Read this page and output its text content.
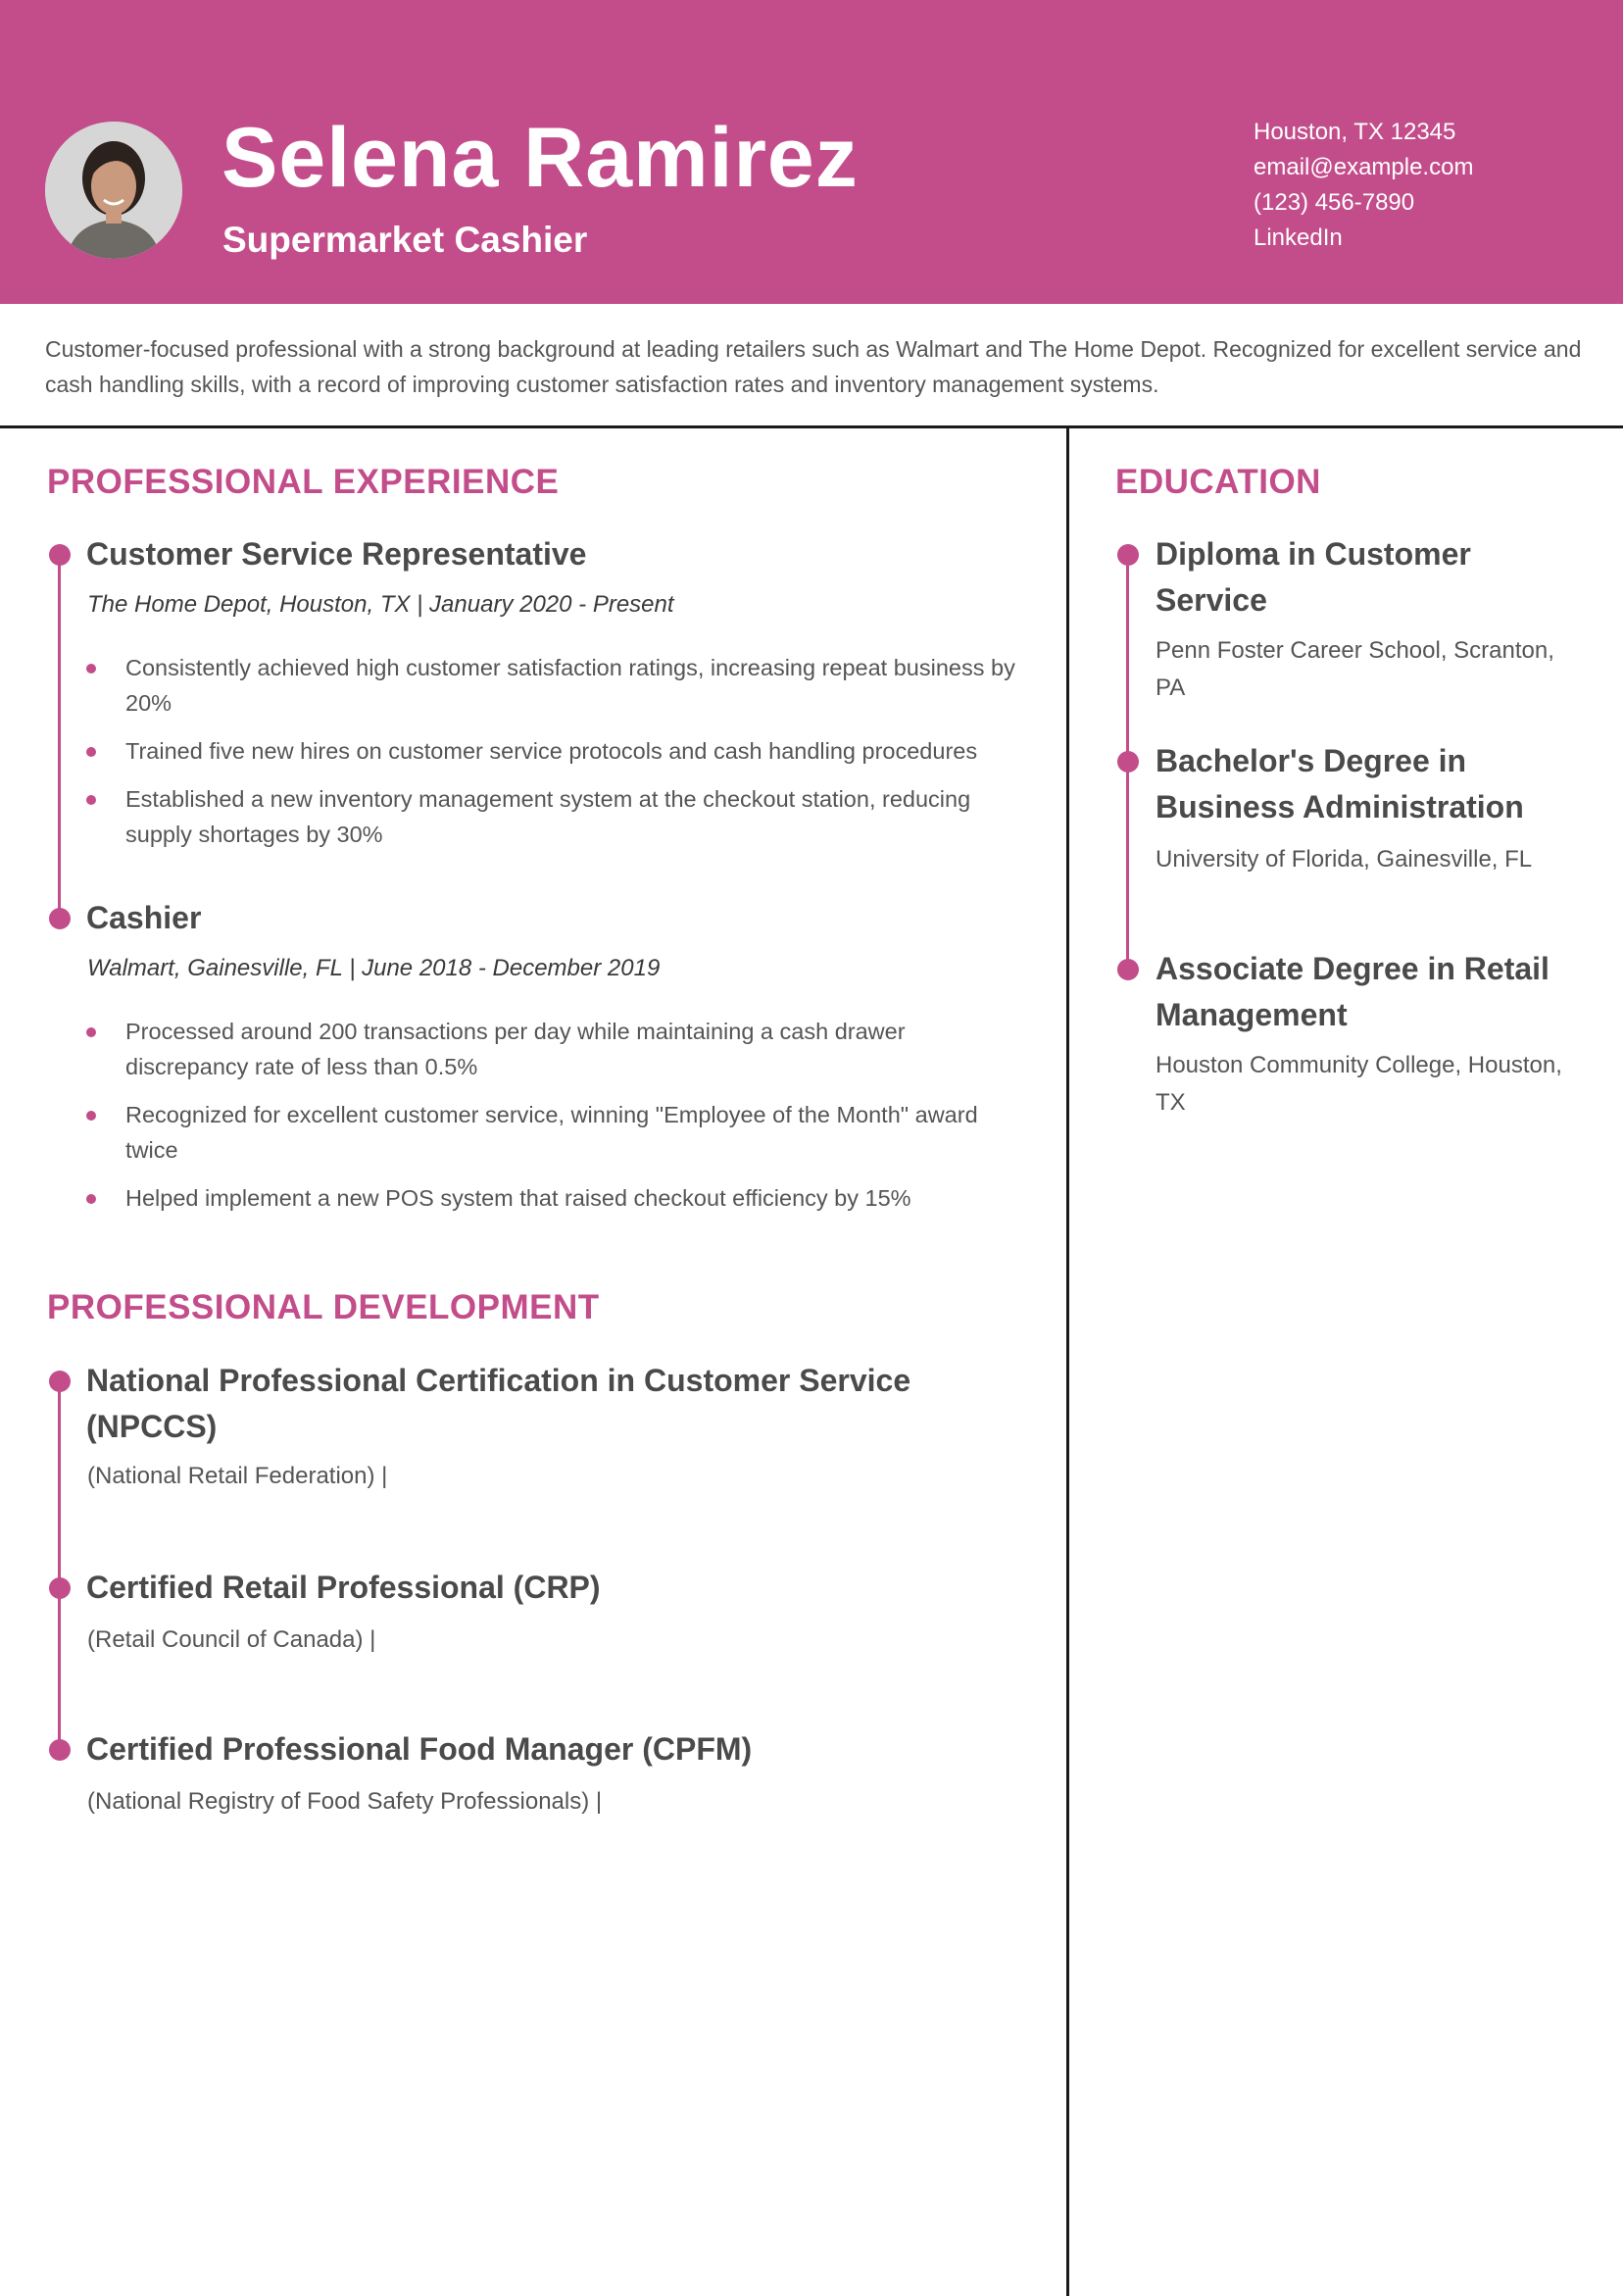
Selena Ramirez
Supermarket Cashier
Houston, TX 12345
email@example.com
(123) 456-7890
LinkedIn
Customer-focused professional with a strong background at leading retailers such as Walmart and The Home Depot. Recognized for excellent service and cash handling skills, with a record of improving customer satisfaction rates and inventory management systems.
PROFESSIONAL EXPERIENCE
Customer Service Representative
The Home Depot, Houston, TX | January 2020 - Present
Consistently achieved high customer satisfaction ratings, increasing repeat business by 20%
Trained five new hires on customer service protocols and cash handling procedures
Established a new inventory management system at the checkout station, reducing supply shortages by 30%
Cashier
Walmart, Gainesville, FL | June 2018 - December 2019
Processed around 200 transactions per day while maintaining a cash drawer discrepancy rate of less than 0.5%
Recognized for excellent customer service, winning "Employee of the Month" award twice
Helped implement a new POS system that raised checkout efficiency by 15%
PROFESSIONAL DEVELOPMENT
National Professional Certification in Customer Service (NPCCS)
(National Retail Federation) |
Certified Retail Professional (CRP)
(Retail Council of Canada) |
Certified Professional Food Manager (CPFM)
(National Registry of Food Safety Professionals) |
EDUCATION
Diploma in Customer Service
Penn Foster Career School, Scranton, PA
Bachelor's Degree in Business Administration
University of Florida, Gainesville, FL
Associate Degree in Retail Management
Houston Community College, Houston, TX
